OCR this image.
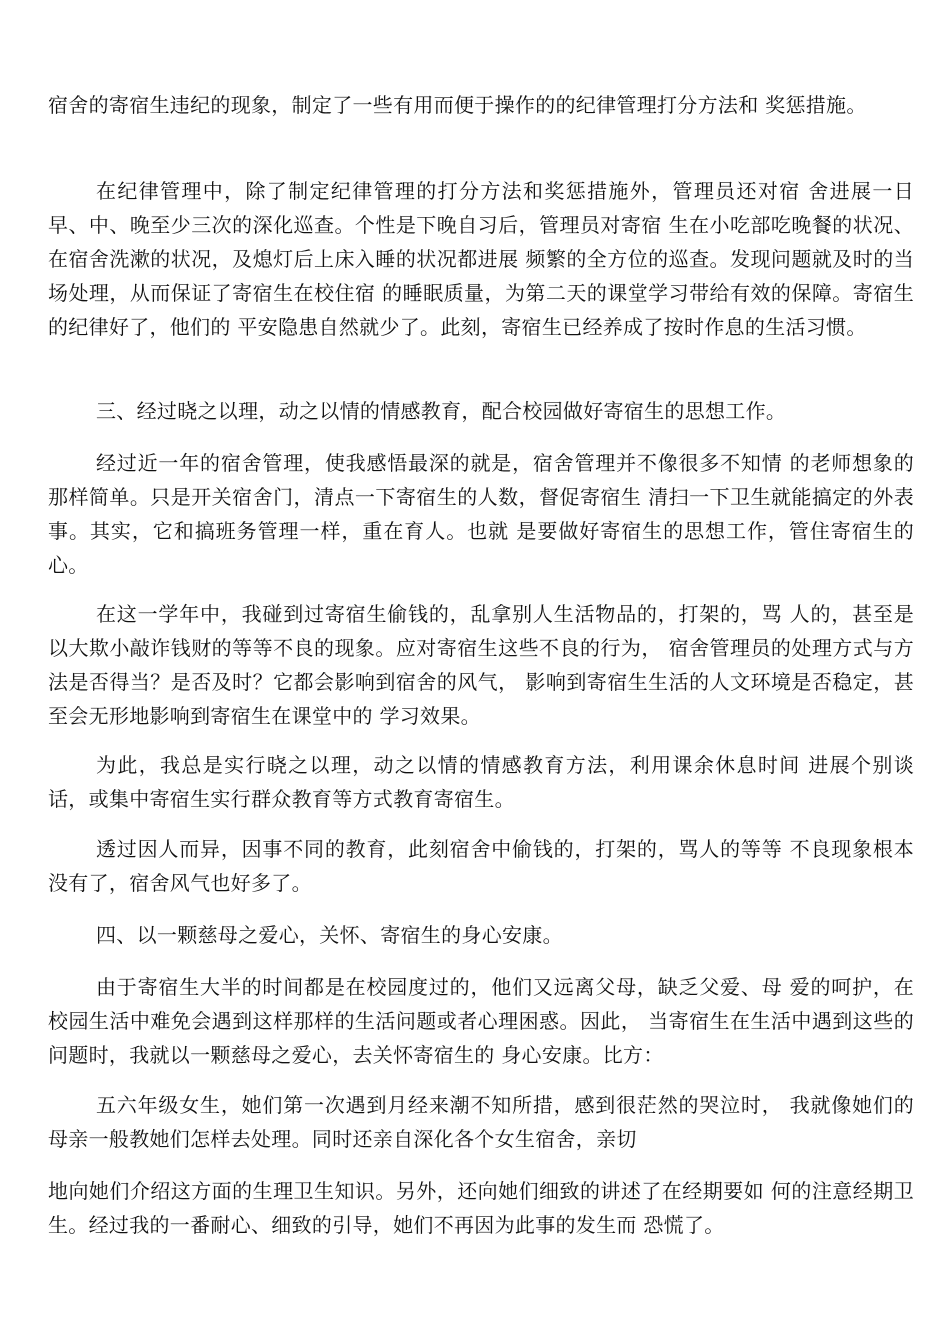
宿舍的寄宿生违纪的现象，制定了一些有用而便于操作的的纪律管理打分方法和 奖惩措施。

在纪律管理中，除了制定纪律管理的打分方法和奖惩措施外，管理员还对宿 舍进展一日早、中、晚至少三次的深化巡查。个性是下晚自习后，管理员对寄宿 生在小吃部吃晚餐的状况、在宿舍洗漱的状况，及熄灯后上床入睡的状况都进展 频繁的全方位的巡查。发现问题就及时的当场处理，从而保证了寄宿生在校住宿 的睡眠质量，为第二天的课堂学习带给有效的保障。寄宿生的纪律好了，他们的 平安隐患自然就少了。此刻，寄宿生已经养成了按时作息的生活习惯。

三、经过晓之以理，动之以情的情感教育，配合校园做好寄宿生的思想工作。

经过近一年的宿舍管理，使我感悟最深的就是，宿舍管理并不像很多不知情 的老师想象的那样简单。只是开关宿舍门，清点一下寄宿生的人数，督促寄宿生 清扫一下卫生就能搞定的外表事。其实，它和搞班务管理一样，重在育人。也就 是要做好寄宿生的思想工作，管住寄宿生的心。

在这一学年中，我碰到过寄宿生偷钱的，乱拿别人生活物品的，打架的，骂 人的，甚至是以大欺小敲诈钱财的等等不良的现象。应对寄宿生这些不良的行为， 宿舍管理员的处理方式与方法是否得当？是否及时？它都会影响到宿舍的风气， 影响到寄宿生生活的人文环境是否稳定，甚至会无形地影响到寄宿生在课堂中的 学习效果。

为此，我总是实行晓之以理，动之以情的情感教育方法，利用课余休息时间 进展个别谈话，或集中寄宿生实行群众教育等方式教育寄宿生。

透过因人而异，因事不同的教育，此刻宿舍中偷钱的，打架的，骂人的等等 不良现象根本没有了，宿舍风气也好多了。

四、以一颗慈母之爱心，关怀、寄宿生的身心安康。

由于寄宿生大半的时间都是在校园度过的，他们又远离父母，缺乏父爱、母 爱的呵护，在校园生活中难免会遇到这样那样的生活问题或者心理困惑。因此， 当寄宿生在生活中遇到这些的问题时，我就以一颗慈母之爱心，去关怀寄宿生的 身心安康。比方：

五六年级女生，她们第一次遇到月经来潮不知所措，感到很茫然的哭泣时， 我就像她们的母亲一般教她们怎样去处理。同时还亲自深化各个女生宿舍，亲切

地向她们介绍这方面的生理卫生知识。另外，还向她们细致的讲述了在经期要如 何的注意经期卫生。经过我的一番耐心、细致的引导，她们不再因为此事的发生而 恐慌了。
